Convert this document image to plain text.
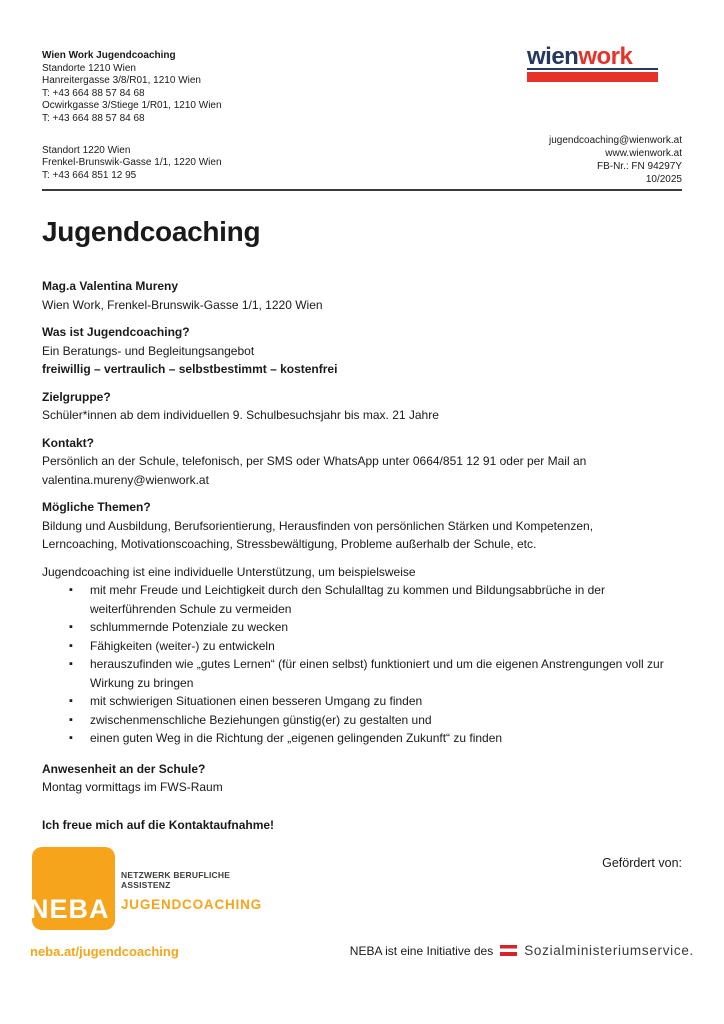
Wien Work Jugendcoaching
Standorte 1210 Wien
Hanreitergasse 3/8/R01, 1210 Wien
T: +43 664 88 57 84 68
Ocwirkgasse 3/Stiege 1/R01, 1210 Wien
T: +43 664 88 57 84 68
Standort 1220 Wien
Frenkel-Brunswik-Gasse 1/1, 1220 Wien
T: +43 664 851 12 95
wienwork
jugendcoaching@wienwork.at
www.wienwork.at
FB-Nr.: FN 94297Y
10/2025
Jugendcoaching

Mag.a Valentina Mureny
Wien Work, Frenkel-Brunswik-Gasse 1/1, 1220 Wien

Was ist Jugendcoaching?
Ein Beratungs- und Begleitungsangebot
freiwillig – vertraulich – selbstbestimmt – kostenfrei

Zielgruppe?
Schüler*innen ab dem individuellen 9. Schulbesuchsjahr bis max. 21 Jahre

Kontakt?
Persönlich an der Schule, telefonisch, per SMS oder WhatsApp unter 0664/851 12 91 oder per Mail an
valentina.mureny@wienwork.at

Mögliche Themen?
Bildung und Ausbildung, Berufsorientierung, Herausfinden von persönlichen Stärken und Kompetenzen,
Lerncoaching, Motivationscoaching, Stressbewältigung, Probleme außerhalb der Schule, etc.

Jugendcoaching ist eine individuelle Unterstützung, um beispielsweise

▪ mit mehr Freude und Leichtigkeit durch den Schulalltag zu kommen und Bildungsabbrüche in der weiterführenden Schule zu vermeiden
▪ schlummernde Potenziale zu wecken
▪ Fähigkeiten (weiter-) zu entwickeln
▪ herauszufinden wie „gutes Lernen“ (für einen selbst) funktioniert und um die eigenen Anstrengungen voll zur Wirkung zu bringen
▪ mit schwierigen Situationen einen besseren Umgang zu finden
▪ zwischenmenschliche Beziehungen günstig(er) zu gestalten und
▪ einen guten Weg in die Richtung der „eigenen gelingenden Zukunft“ zu finden

Anwesenheit an der Schule?
Montag vormittags im FWS-Raum

Ich freue mich auf die Kontaktaufnahme!

NEBA
NETZWERK BERUFLICHE
ASSISTENZ
JUGENDCOACHING
Gefördert von:
neba.at/jugendcoaching	NEBA ist eine Initiative des Sozialministeriumservice.
